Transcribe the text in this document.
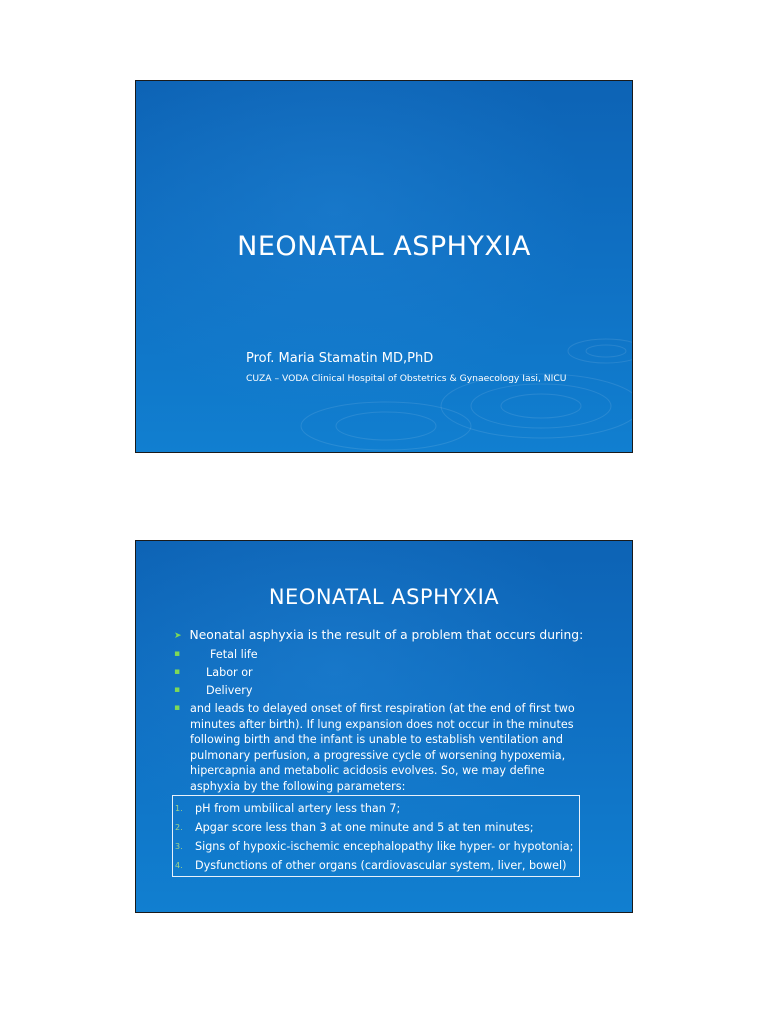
NEONATAL ASPHYXIA
Prof. Maria Stamatin MD,PhD
CUZA – VODA Clinical Hospital of Obstetrics & Gynaecology Iasi, NICU
NEONATAL ASPHYXIA
➤ Neonatal asphyxia is the result of a problem that occurs during:
▪	Fetal life
▪ Labor or
▪ Delivery
▪ and leads to delayed onset of first respiration (at the end of first two minutes after birth). If lung expansion does not occur in the minutes following birth and the infant is unable to establish ventilation and pulmonary perfusion, a progressive cycle of worsening hypoxemia, hipercapnia and metabolic acidosis evolves. So, we may define asphyxia by the following parameters:
1. pH from umbilical artery less than 7;
2. Apgar score less than 3 at one minute and 5 at ten minutes;
3. Signs of hypoxic-ischemic encephalopathy like hyper- or hypotonia;
4. Dysfunctions of other organs (cardiovascular system, liver, bowel)
